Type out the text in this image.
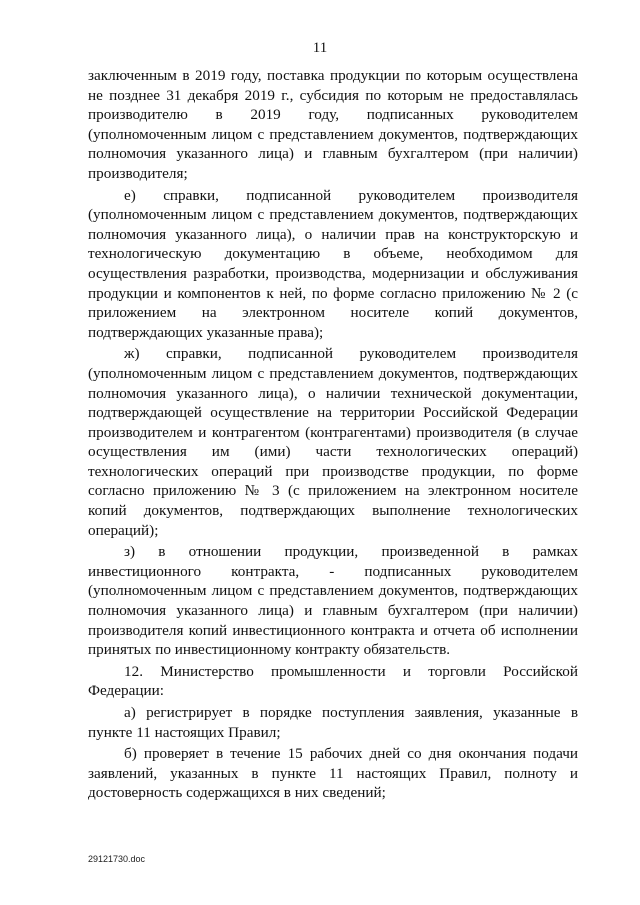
11

заключенным в 2019 году, поставка продукции по которым осуществлена не позднее 31 декабря 2019 г., субсидия по которым не предоставлялась производителю в 2019 году, подписанных руководителем (уполномоченным лицом с представлением документов, подтверждающих полномочия указанного лица) и главным бухгалтером (при наличии) производителя;

е) справки, подписанной руководителем производителя (уполномоченным лицом с представлением документов, подтверждающих полномочия указанного лица), о наличии прав на конструкторскую и технологическую документацию в объеме, необходимом для осуществления разработки, производства, модернизации и обслуживания продукции и компонентов к ней, по форме согласно приложению № 2 (с приложением на электронном носителе копий документов, подтверждающих указанные права);

ж) справки, подписанной руководителем производителя (уполномоченным лицом с представлением документов, подтверждающих полномочия указанного лица), о наличии технической документации, подтверждающей осуществление на территории Российской Федерации производителем и контрагентом (контрагентами) производителя (в случае осуществления им (ими) части технологических операций) технологических операций при производстве продукции, по форме согласно приложению № 3 (с приложением на электронном носителе копий документов, подтверждающих выполнение технологических операций);

з) в отношении продукции, произведенной в рамках инвестиционного контракта, - подписанных руководителем (уполномоченным лицом с представлением документов, подтверждающих полномочия указанного лица) и главным бухгалтером (при наличии) производителя копий инвестиционного контракта и отчета об исполнении принятых по инвестиционному контракту обязательств.

12. Министерство промышленности и торговли Российской Федерации:

а) регистрирует в порядке поступления заявления, указанные в пункте 11 настоящих Правил;

б) проверяет в течение 15 рабочих дней со дня окончания подачи заявлений, указанных в пункте 11 настоящих Правил, полноту и достоверность содержащихся в них сведений;

29121730.doc
